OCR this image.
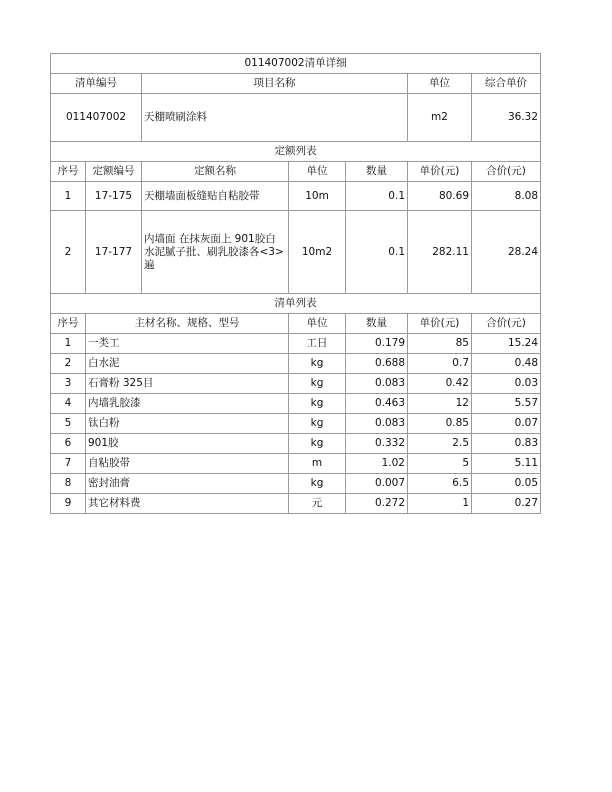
011407002清单详细						
清单编号		项目名称			单位	综合单价
011407002		天棚喷刷涂料			m2	36.32
定额列表						
序号	定额编号	定额名称	单位	数量	单价(元)	合价(元)
1	17-175	天棚墙面板缝贴自粘胶带	10m	0.1	80.69	8.08
2	17-177	内墙面 在抹灰面上 901胶白水泥腻子批、刷乳胶漆各<3>遍	10m2	0.1	282.11	28.24
清单列表						
序号	主材名称、规格、型号		单位	数量	单价(元)	合价(元)
1	一类工		工日	0.179	85	15.24
2	白水泥		kg	0.688	0.7	0.48
3	石膏粉 325目		kg	0.083	0.42	0.03
4	内墙乳胶漆		kg	0.463	12	5.57
5	钛白粉		kg	0.083	0.85	0.07
6	901胶		kg	0.332	2.5	0.83
7	自粘胶带		m	1.02	5	5.11
8	密封油膏		kg	0.007	6.5	0.05
9	其它材料费		元	0.272	1	0.27
